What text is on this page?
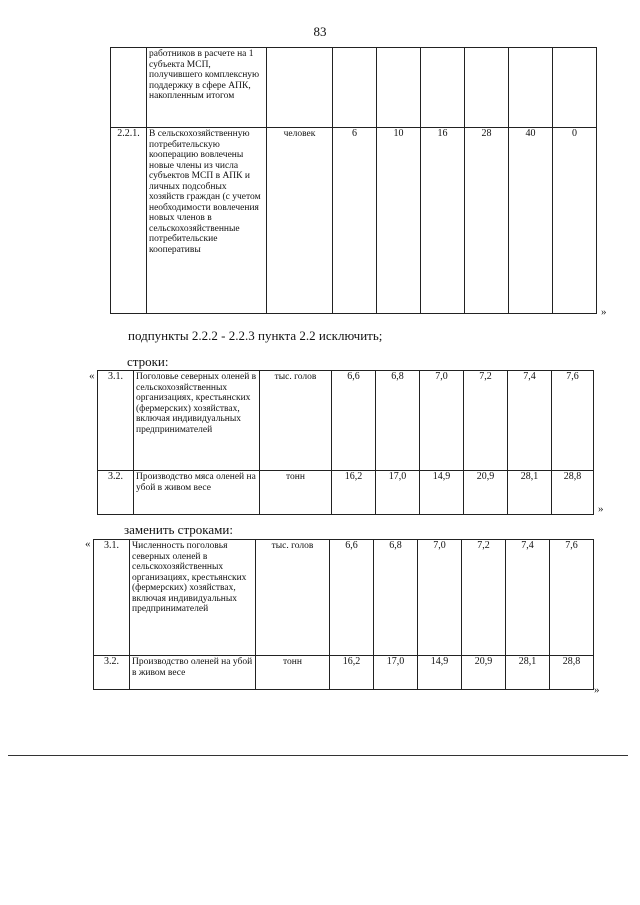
83
	работников в расчете на 1 субъекта МСП, получившего комплексную поддержку в сфере АПК, накопленным итогом							
2.2.1.	В сельскохозяйственную потребительскую кооперацию вовлечены новые члены из числа субъектов МСП в АПК и личных подсобных хозяйств граждан (с учетом необходимости вовлечения новых членов в сельскохозяйственные потребительские кооперативы	человек	6	10	16	28	40	0
»
подпункты 2.2.2 - 2.2.3 пункта 2.2 исключить;
строки:
« 3.1.	Поголовье северных оленей в сельскохозяйственных организациях, крестьянских (фермерских) хозяйствах, включая индивидуальных предпринимателей	тыс. голов	6,6	6,8	7,0	7,2	7,4	7,6
3.2.	Производство мяса оленей на убой в живом весе	тонн	16,2	17,0	14,9	20,9	28,1	28,8
»
заменить строками:
« 3.1.	Численность поголовья северных оленей в сельскохозяйственных организациях, крестьянских (фермерских) хозяйствах, включая индивидуальных предпринимателей	тыс. голов	6,6	6,8	7,0	7,2	7,4	7,6
3.2.	Производство оленей на убой в живом весе	тонн	16,2	17,0	14,9	20,9	28,1	28,8
»
